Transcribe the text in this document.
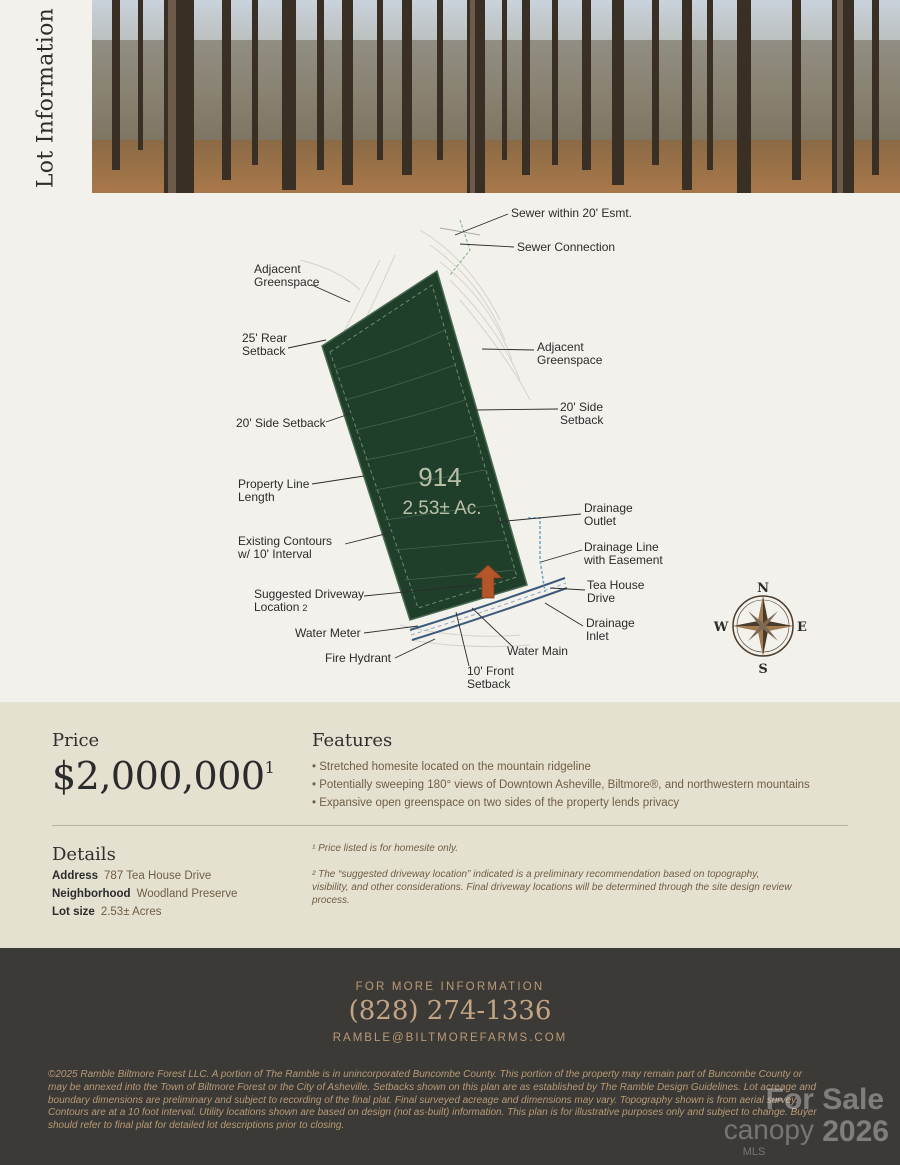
Lot Information
914
2.53± Ac.
Sewer within 20' Esmt.
Sewer Connection
Adjacent
Greenspace
25' Rear
Setback	Adjacent
Greenspace
20' Side Setback
20' Side
Setback
Property Line
Length
Existing Contours
w/ 10' Interval
Drainage
Outlet
Drainage Line
with Easement
Suggested Driveway
Location 2
Tea House
Drive
Water Meter
Drainage
Inlet
Water Main
Fire Hydrant
10' Front
Setback
N
S
E
W
Price
$2,000,000$^1$
Features
• Stretched homesite located on the mountain ridgeline
• Potentially sweeping 180° views of Downtown Asheville, Biltmore®, and northwestern mountains
• Expansive open greenspace on two sides of the property lends privacy
Details
Address 787 Tea House Drive
Neighborhood Woodland Preserve
Lot size 2.53± Acres
¹ Price listed is for homesite only.
² The “suggested driveway location” indicated is a preliminary recommendation based on topography, visibility, and other considerations. Final driveway locations will be determined through the site design review process.
FOR MORE INFORMATION
(828) 274-1336
RAMBLE@BILTMOREFARMS.COM
©2025 Ramble Biltmore Forest LLC. A portion of The Ramble is in unincorporated Buncombe County. This portion of the property may remain part of Buncombe County or may be annexed into the Town of Biltmore Forest or the City of Asheville. Setbacks shown on this plan are as established by The Ramble Design Guidelines. Lot acreage and boundary dimensions are preliminary and subject to recording of the final plat. Final surveyed acreage and dimensions may vary. Topography shown is from aerial survey. Contours are at a 10 foot interval. Utility locations shown are based on design (not as-built) information. This plan is for illustrative purposes only and subject to change. Buyer should refer to final plat for detailed lot descriptions prior to closing.
For Sale
canopy 2026
MLS
